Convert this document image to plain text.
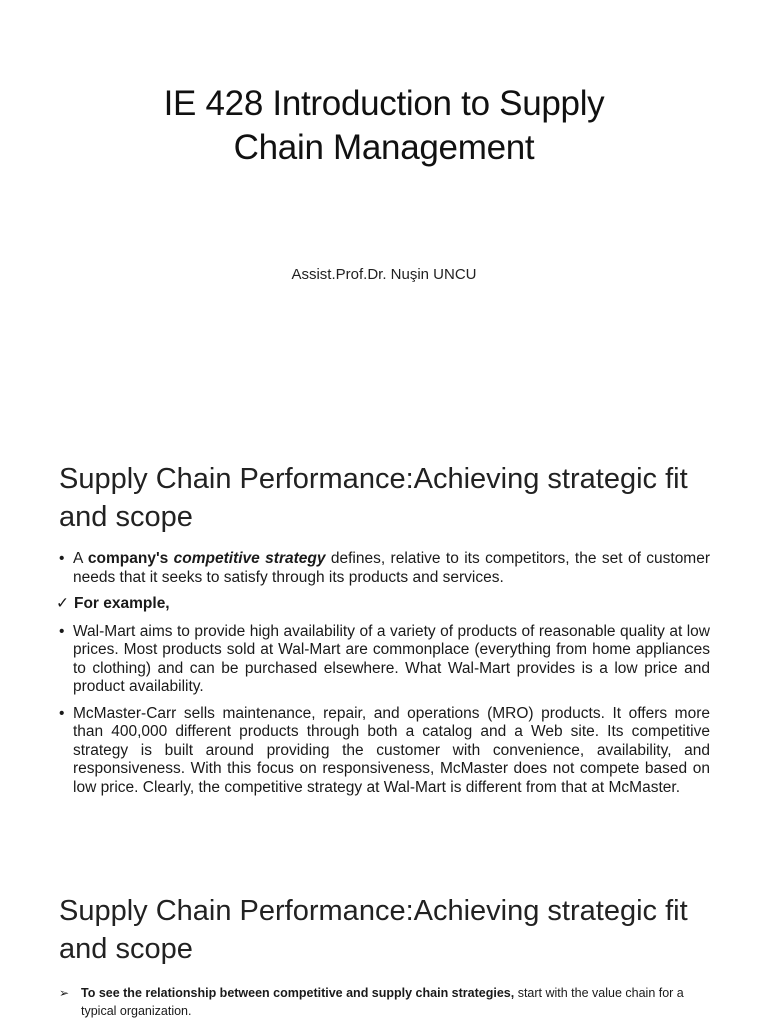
IE 428 Introduction to Supply
Chain Management
Assist.Prof.Dr. Nuşin UNCU
Supply Chain Performance:Achieving strategic fit and scope
• A company's competitive strategy defines, relative to its competitors, the set of customer needs that it seeks to satisfy through its products and services.
✓ For example,
• Wal-Mart aims to provide high availability of a variety of products of reasonable quality at low prices. Most products sold at Wal-Mart are commonplace (everything from home appliances to clothing) and can be purchased elsewhere. What Wal-Mart provides is a low price and product availability.
• McMaster-Carr sells maintenance, repair, and operations (MRO) products. It offers more than 400,000 different products through both a catalog and a Web site. Its competitive strategy is built around providing the customer with convenience, availability, and responsiveness. With this focus on responsiveness, McMaster does not compete based on low price. Clearly, the competitive strategy at Wal-Mart is different from that at McMaster.
Supply Chain Performance:Achieving strategic fit and scope
➢ To see the relationship between competitive and supply chain strategies, start with the value chain for a typical organization.
